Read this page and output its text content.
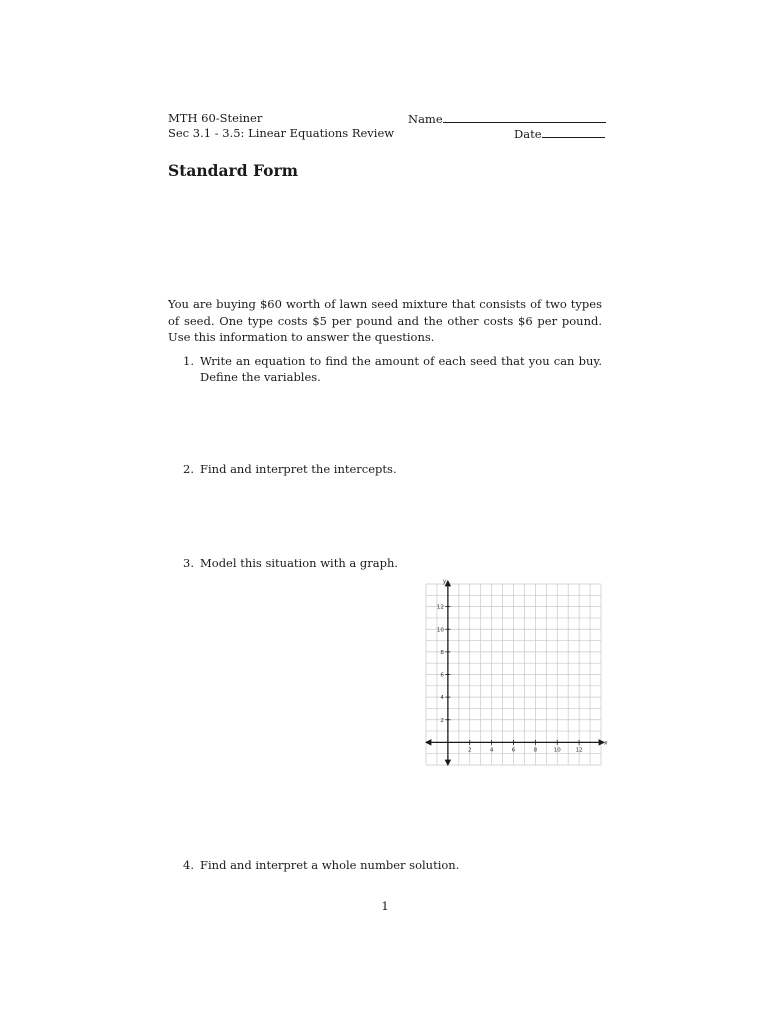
MTH 60-Steiner
Sec 3.1 - 3.5: Linear Equations Review
Name
Date
Standard Form
You are buying $60 worth of lawn seed mixture that consists of two types of seed. One type costs $5 per pound and the other costs $6 per pound. Use this information to answer the questions.
1. Write an equation to find the amount of each seed that you can buy. Define the variables.
2. Find and interpret the intercepts.
3. Model this situation with a graph.
4. Find and interpret a whole number solution.
2	4	6	8	10	12
2
4
6
8
10
12
x
y
1
